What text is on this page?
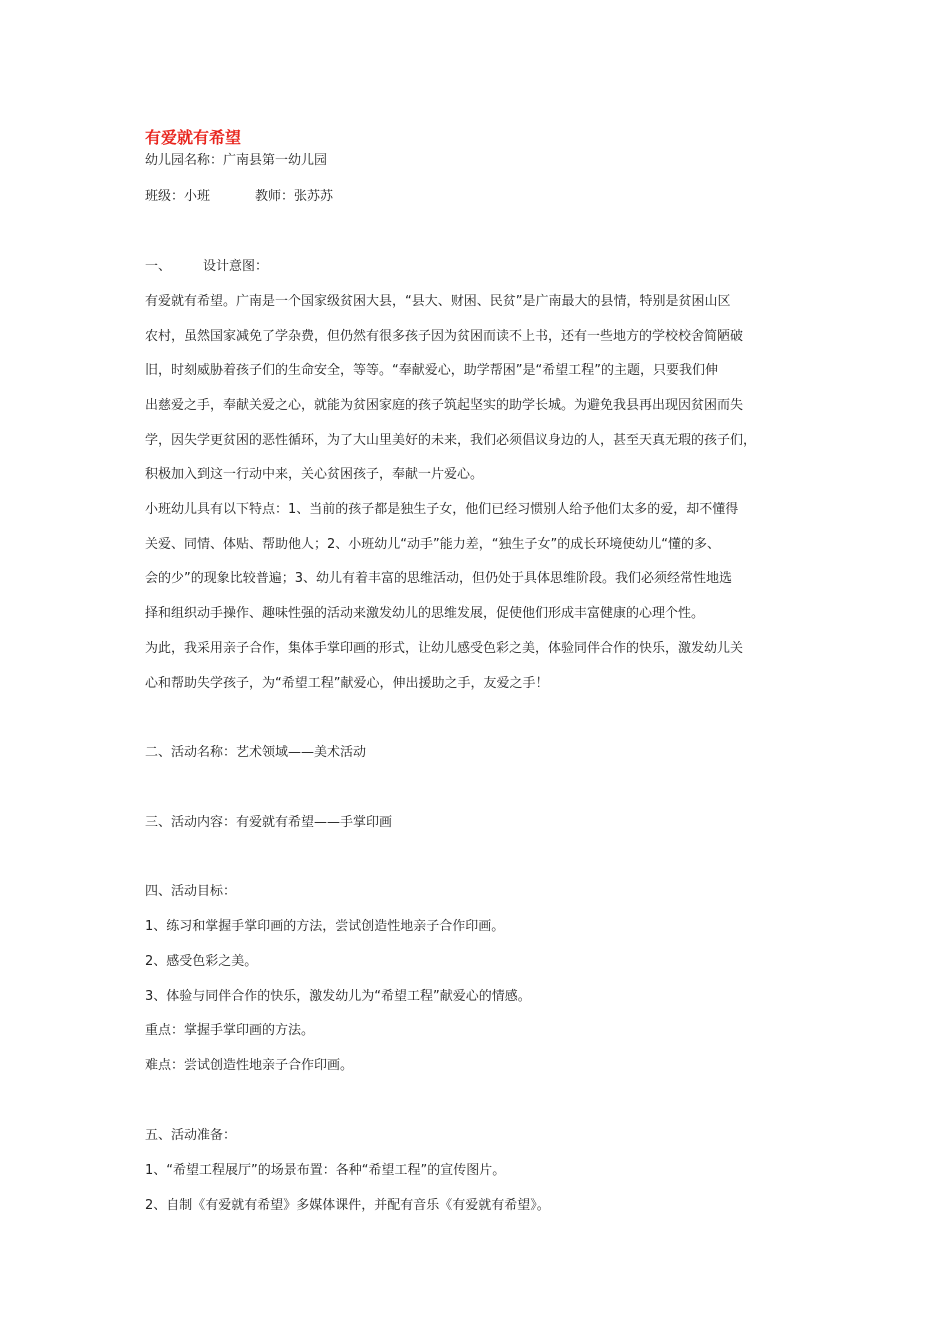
有爱就有希望

幼儿园名称：广南县第一幼儿园

班级：小班	教师：张苏苏

一、 设计意图：

有爱就有希望。广南是一个国家级贫困大县，“县大、财困、民贫”是广南最大的县情，特别是贫困山区

农村，虽然国家减免了学杂费，但仍然有很多孩子因为贫困而读不上书，还有一些地方的学校校舍简陋破

旧，时刻威胁着孩子们的生命安全，等等。“奉献爱心，助学帮困”是“希望工程”的主题，只要我们伸

出慈爱之手，奉献关爱之心，就能为贫困家庭的孩子筑起坚实的助学长城。为避免我县再出现因贫困而失

学，因失学更贫困的恶性循环，为了大山里美好的未来，我们必须倡议身边的人，甚至天真无瑕的孩子们，

积极加入到这一行动中来，关心贫困孩子，奉献一片爱心。

小班幼儿具有以下特点：1、当前的孩子都是独生子女，他们已经习惯别人给予他们太多的爱，却不懂得

关爱、同情、体贴、帮助他人；2、小班幼儿“动手”能力差，“独生子女”的成长环境使幼儿“懂的多、

会的少”的现象比较普遍；3、幼儿有着丰富的思维活动，但仍处于具体思维阶段。我们必须经常性地选

择和组织动手操作、趣味性强的活动来激发幼儿的思维发展，促使他们形成丰富健康的心理个性。

为此，我采用亲子合作，集体手掌印画的形式，让幼儿感受色彩之美，体验同伴合作的快乐，激发幼儿关

心和帮助失学孩子，为“希望工程”献爱心，伸出援助之手，友爱之手！

二、活动名称：艺术领域——美术活动

三、活动内容：有爱就有希望——手掌印画

四、活动目标：

1、练习和掌握手掌印画的方法，尝试创造性地亲子合作印画。

2、感受色彩之美。

3、体验与同伴合作的快乐，激发幼儿为“希望工程”献爱心的情感。

重点：掌握手掌印画的方法。

难点：尝试创造性地亲子合作印画。

五、活动准备：

1、“希望工程展厅”的场景布置：各种“希望工程”的宣传图片。

2、自制《有爱就有希望》多媒体课件，并配有音乐《有爱就有希望》。
